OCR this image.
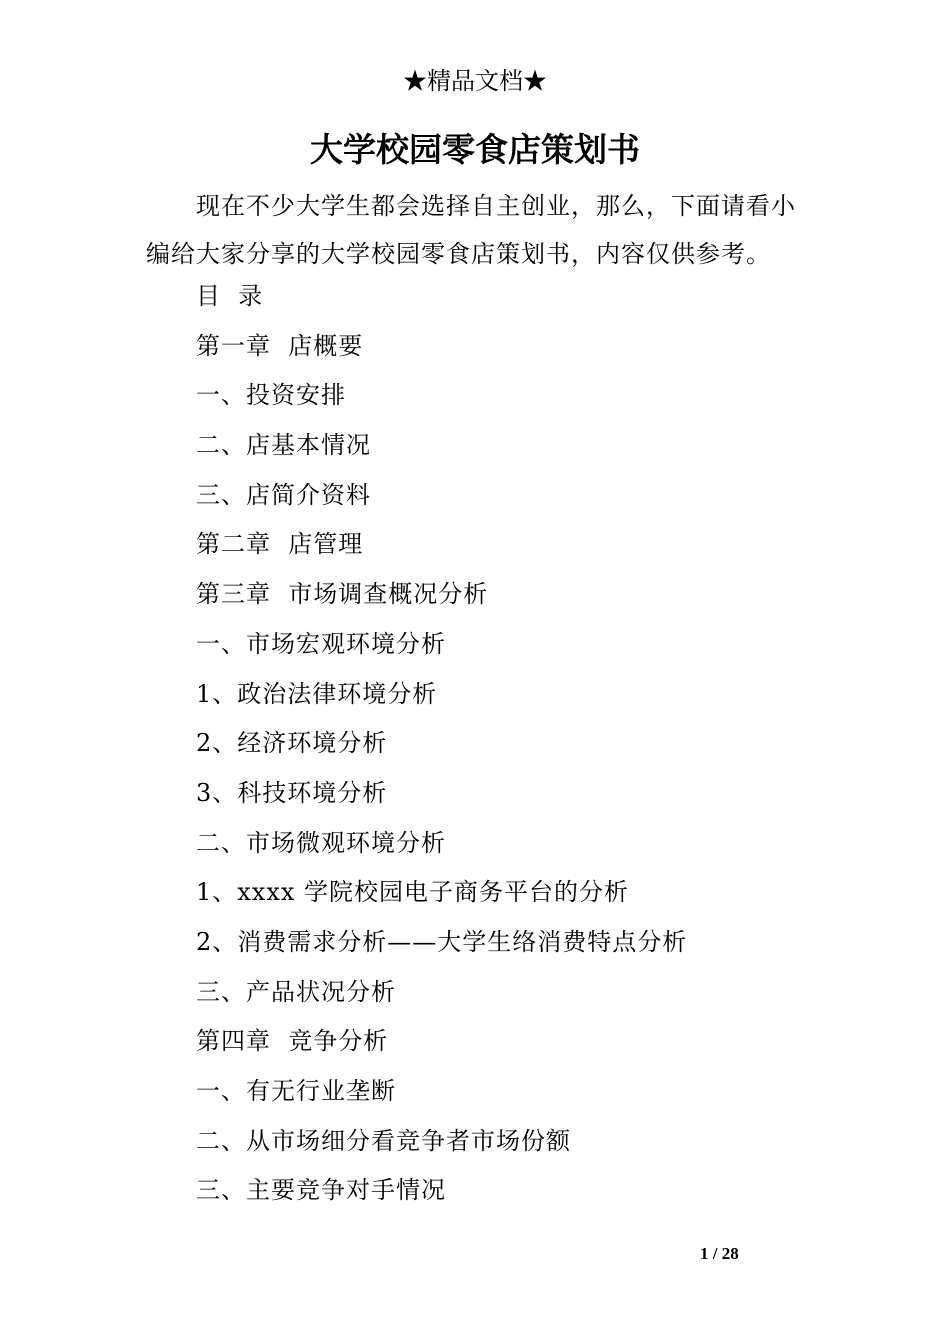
★精品文档★
大学校园零食店策划书

现在不少大学生都会选择自主创业，那么，下面请看小编给大家分享的大学校园零食店策划书，内容仅供参考。

目  录
第一章  店概要
一、投资安排
二、店基本情况
三、店简介资料
第二章  店管理
第三章  市场调查概况分析
一、市场宏观环境分析
1、政治法律环境分析
2、经济环境分析
3、科技环境分析
二、市场微观环境分析
1、xxxx 学院校园电子商务平台的分析
2、消费需求分析——大学生络消费特点分析
三、产品状况分析
第四章  竞争分析
一、有无行业垄断
二、从市场细分看竞争者市场份额
三、主要竞争对手情况
1 / 28
